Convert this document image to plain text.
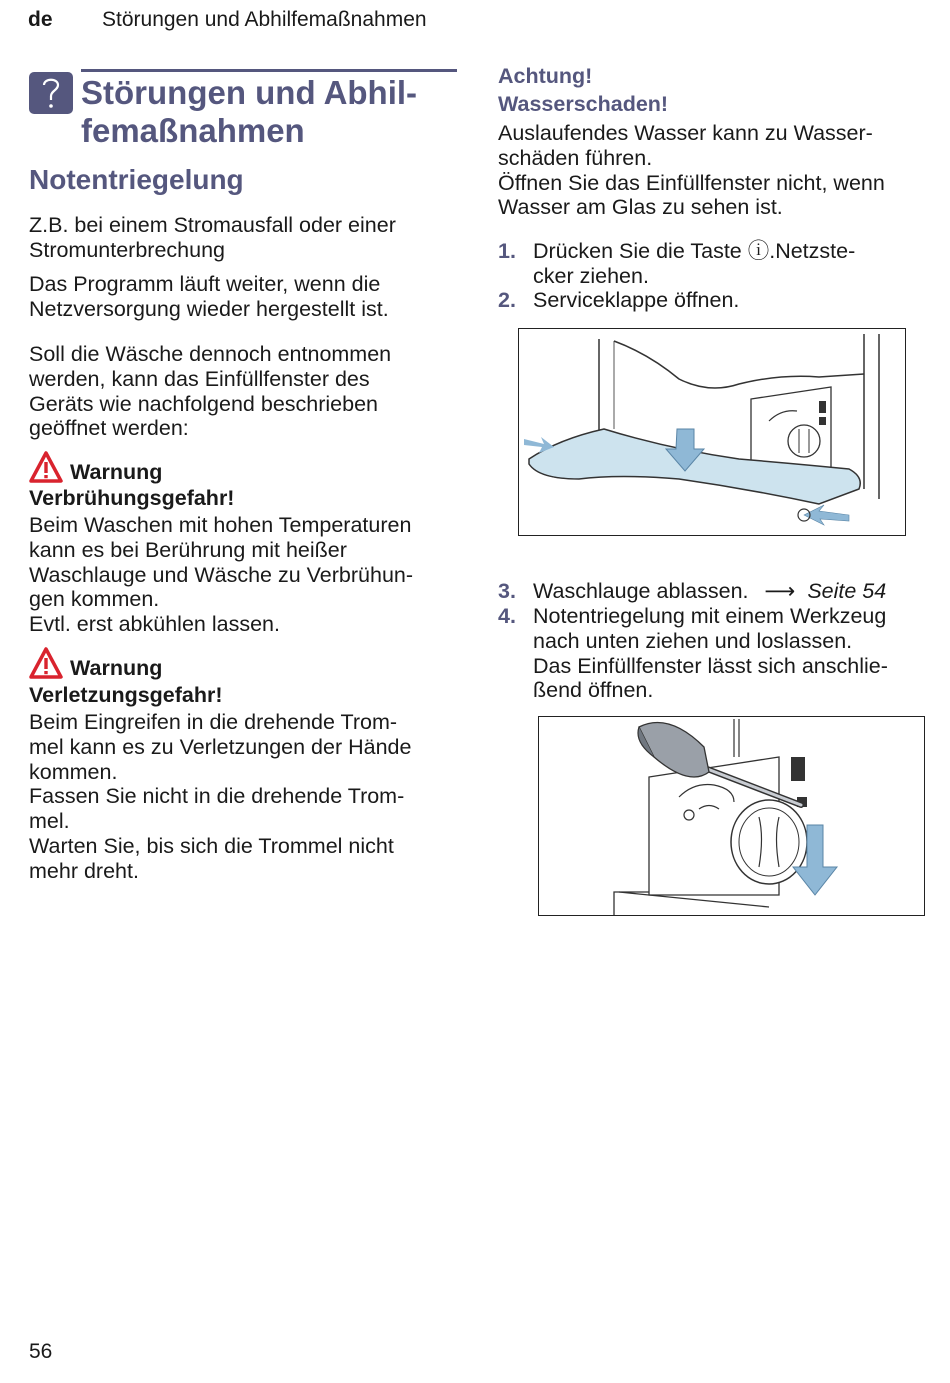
de Störungen und Abhilfemaßnahmen
Störungen und Abhil-
femaßnahmen
Notentriegelung
Z.B. bei einem Stromausfall oder einer
Stromunterbrechung
Das Programm läuft weiter, wenn die
Netzversorgung wieder hergestellt ist.
Soll die Wäsche dennoch entnommen
werden, kann das Einfüllfenster des
Geräts wie nachfolgend beschrieben
geöffnet werden:
Warnung
Verbrühungsgefahr!
Beim Waschen mit hohen Temperaturen
kann es bei Berührung mit heißer
Waschlauge und Wäsche zu Verbrühun-
gen kommen.
Evtl. erst abkühlen lassen.
Warnung
Verletzungsgefahr!
Beim Eingreifen in die drehende Trom-
mel kann es zu Verletzungen der Hände
kommen.
Fassen Sie nicht in die drehende Trom-
mel.
Warten Sie, bis sich die Trommel nicht
mehr dreht.
Achtung!
Wasserschaden!
Auslaufendes Wasser kann zu Wasser-
schäden führen.
Öffnen Sie das Einfüllfenster nicht, wenn
Wasser am Glas zu sehen ist.
1. Drücken Sie die Taste ⓘ.Netzste-
cker ziehen.
2. Serviceklappe öffnen.
3. Waschlauge ablassen. ⟶ Seite 54
4. Notentriegelung mit einem Werkzeug
nach unten ziehen und loslassen.
Das Einfüllfenster lässt sich anschlie-
ßend öffnen.
56
